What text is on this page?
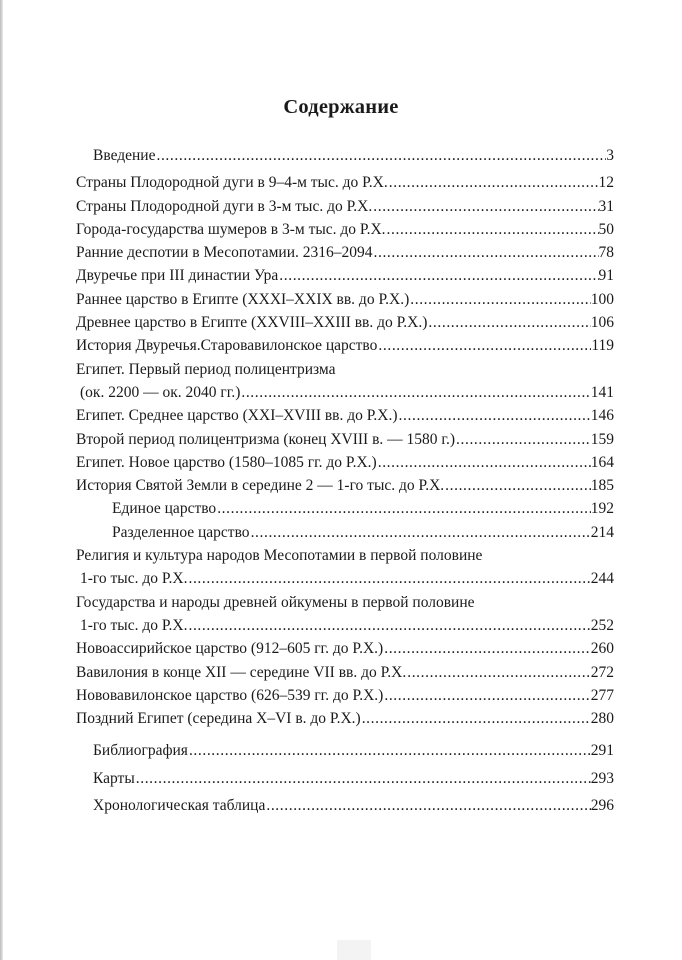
Содержание
Введение .....	3
Страны Плодородной дуги в 9–4-м тыс. до Р.Х. .....	12
Страны Плодородной дуги в 3-м тыс. до Р.Х. .....	31
Города-государства шумеров в 3-м тыс. до Р.Х. .....	50
Ранние деспотии в Месопотамии. 2316–2094 .....	78
Двуречье при III династии Ура .....	91
Раннее царство в Египте (XXXI–XXIX вв. до Р.Х.) .....	100
Древнее царство в Египте (XXVIII–XXIII вв. до Р.Х.) .....	106
История Двуречья.Старовавилонское царство .....	119
Египет. Первый период полицентризма
(ок. 2200 — ок. 2040 гг.) .....	141
Египет. Среднее царство (XXI–XVIII вв. до Р.Х.) .....	146
Второй период полицентризма (конец XVIII в. — 1580 г.) .....	159
Египет. Новое царство (1580–1085 гг. до Р.Х.) .....	164
История Святой Земли в середине 2 — 1-го тыс. до Р.Х. .....	185
Единое царство .....	192
Разделенное царство .....	214
Религия и культура народов Месопотамии в первой половине
1-го тыс. до Р.Х. .....	244
Государства и народы древней ойкумены в первой половине
1-го тыс. до Р.Х. .....	252
Новоассирийское царство (912–605 гг. до Р.Х.) .....	260
Вавилония в конце XII — середине VII вв. до Р.Х. .....	272
Нововавилонское царство (626–539 гг. до Р.Х.) .....	277
Поздний Египет (середина X–VI в. до Р.Х.) .....	280
Библиография .....	291
Карты .....	293
Хронологическая таблица .....	296
